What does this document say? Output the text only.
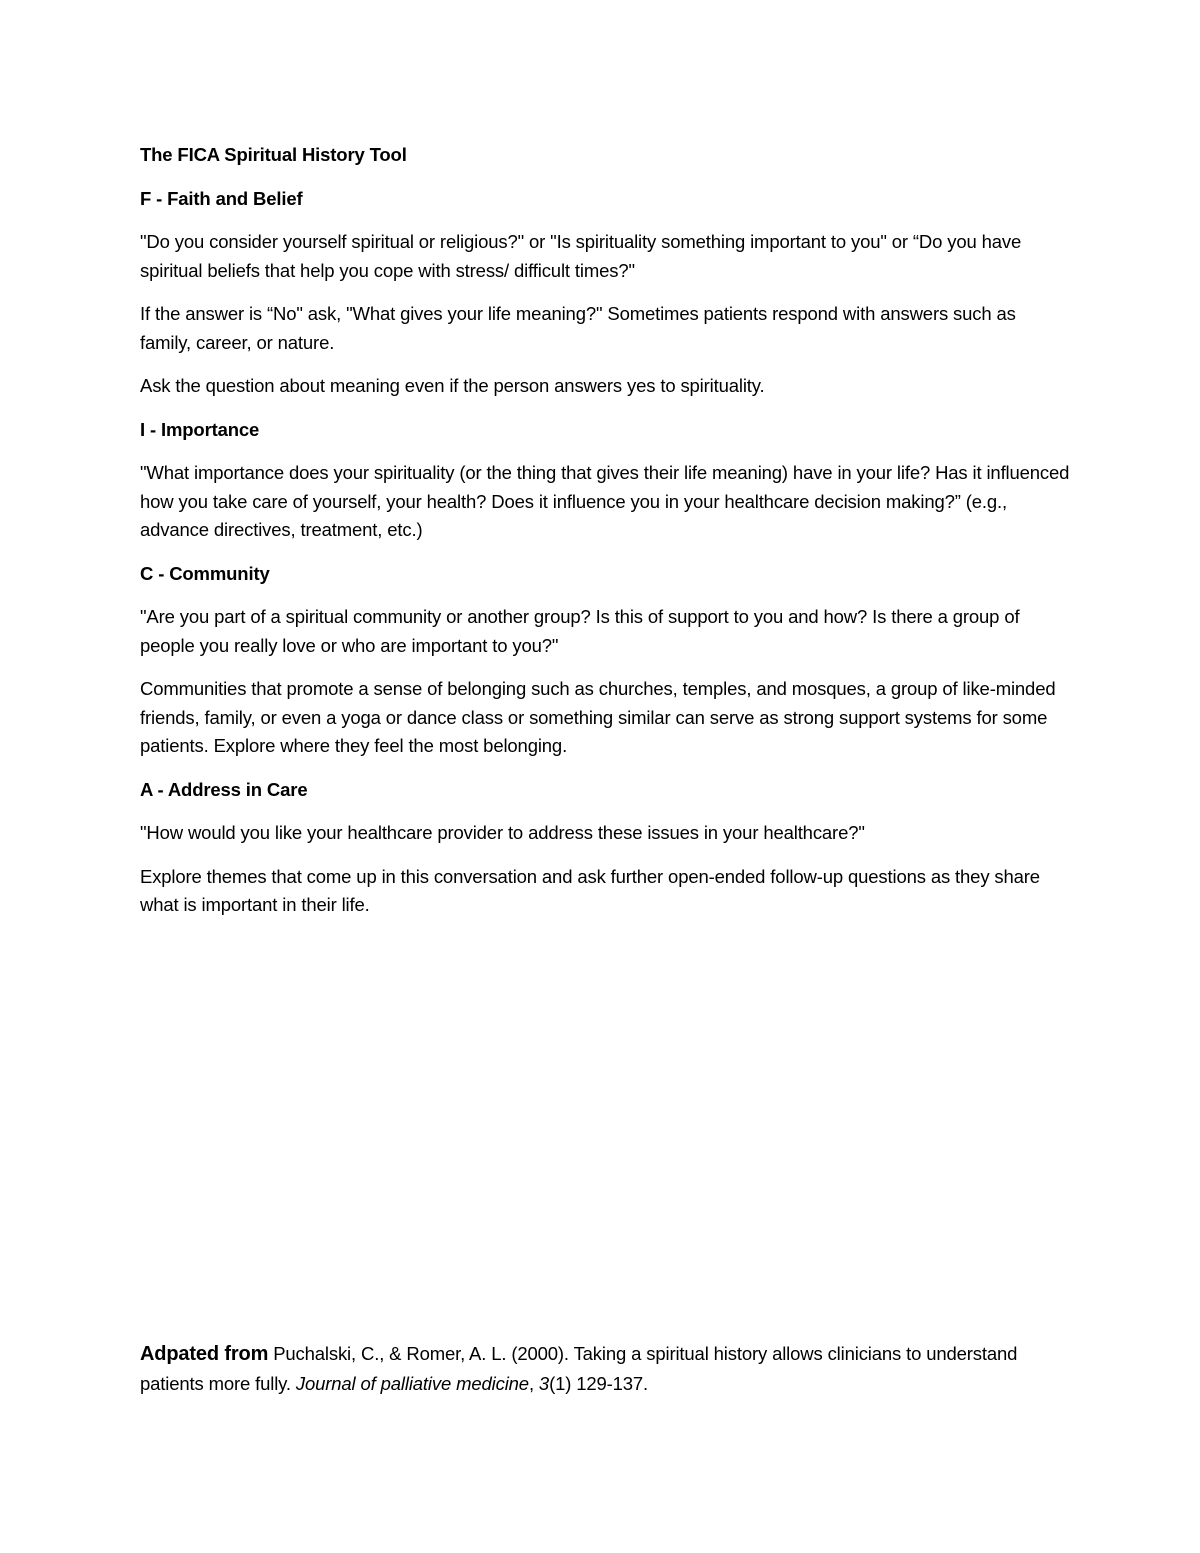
The FICA Spiritual History Tool
F - Faith and Belief
"Do you consider yourself spiritual or religious?" or "Is spirituality something important to you" or “Do you have spiritual beliefs that help you cope with stress/ difficult times?"
If the answer is “No" ask, "What gives your life meaning?" Sometimes patients respond with answers such as family, career, or nature.
Ask the question about meaning even if the person answers yes to spirituality.
I - Importance
"What importance does your spirituality (or the thing that gives their life meaning) have in your life? Has it influenced how you take care of yourself, your health? Does it influence you in your healthcare decision making?” (e.g., advance directives, treatment, etc.)
C - Community
"Are you part of a spiritual community or another group? Is this of support to you and how? Is there a group of people you really love or who are important to you?"
Communities that promote a sense of belonging such as churches, temples, and mosques, a group of like-minded friends, family, or even a yoga or dance class or something similar can serve as strong support systems for some patients. Explore where they feel the most belonging.
A - Address in Care
"How would you like your healthcare provider to address these issues in your healthcare?"
Explore themes that come up in this conversation and ask further open-ended follow-up questions as they share what is important in their life.
Adpated from Puchalski, C., & Romer, A. L. (2000). Taking a spiritual history allows clinicians to understand patients more fully. Journal of palliative medicine, 3(1) 129-137.
